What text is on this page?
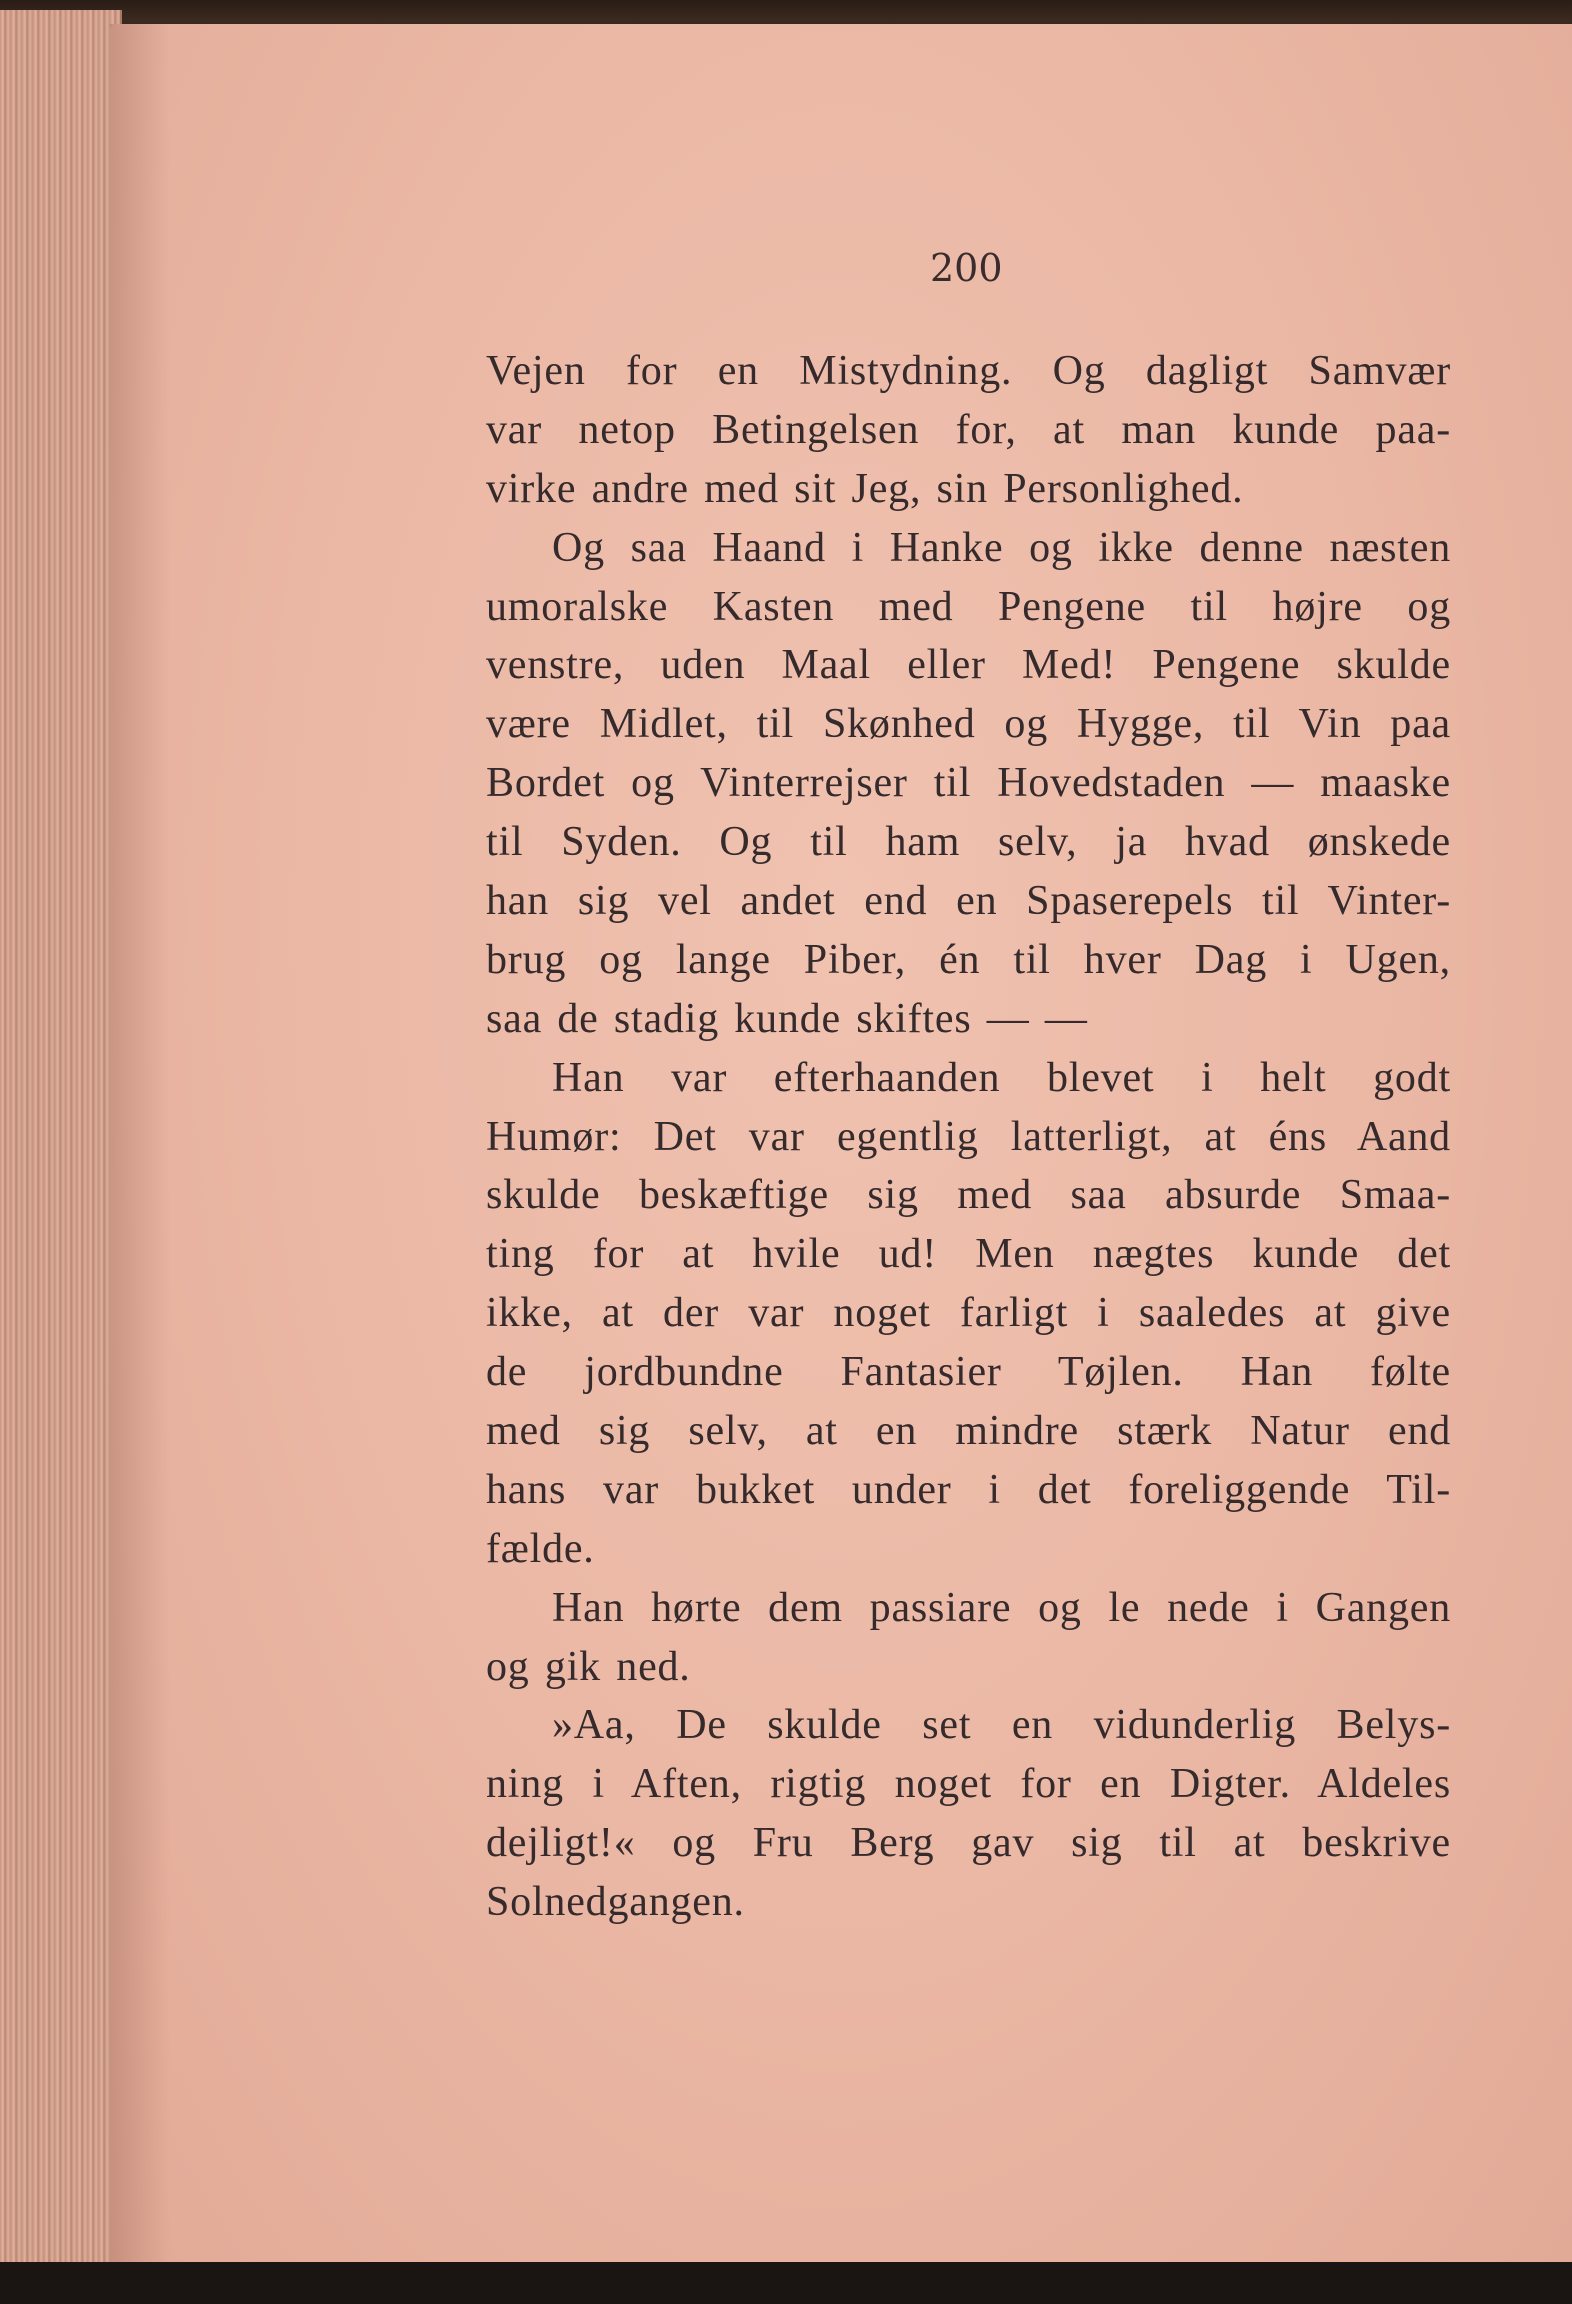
200
Vejen for en Mistydning. Og dagligt Samvær
var netop Betingelsen for, at man kunde paa-
virke andre med sit Jeg, sin Personlighed.
Og saa Haand i Hanke og ikke denne næsten
umoralske Kasten med Pengene til højre og
venstre, uden Maal eller Med! Pengene skulde
være Midlet, til Skønhed og Hygge, til Vin paa
Bordet og Vinterrejser til Hovedstaden — maaske
til Syden. Og til ham selv, ja hvad ønskede
han sig vel andet end en Spaserepels til Vinter-
brug og lange Piber, én til hver Dag i Ugen,
saa de stadig kunde skiftes — —
Han var efterhaanden blevet i helt godt
Humør: Det var egentlig latterligt, at éns Aand
skulde beskæftige sig med saa absurde Smaa-
ting for at hvile ud! Men nægtes kunde det
ikke, at der var noget farligt i saaledes at give
de jordbundne Fantasier Tøjlen. Han følte
med sig selv, at en mindre stærk Natur end
hans var bukket under i det foreliggende Til-
fælde.
Han hørte dem passiare og le nede i Gangen
og gik ned.
»Aa, De skulde set en vidunderlig Belys-
ning i Aften, rigtig noget for en Digter. Aldeles
dejligt!« og Fru Berg gav sig til at beskrive
Solnedgangen.
